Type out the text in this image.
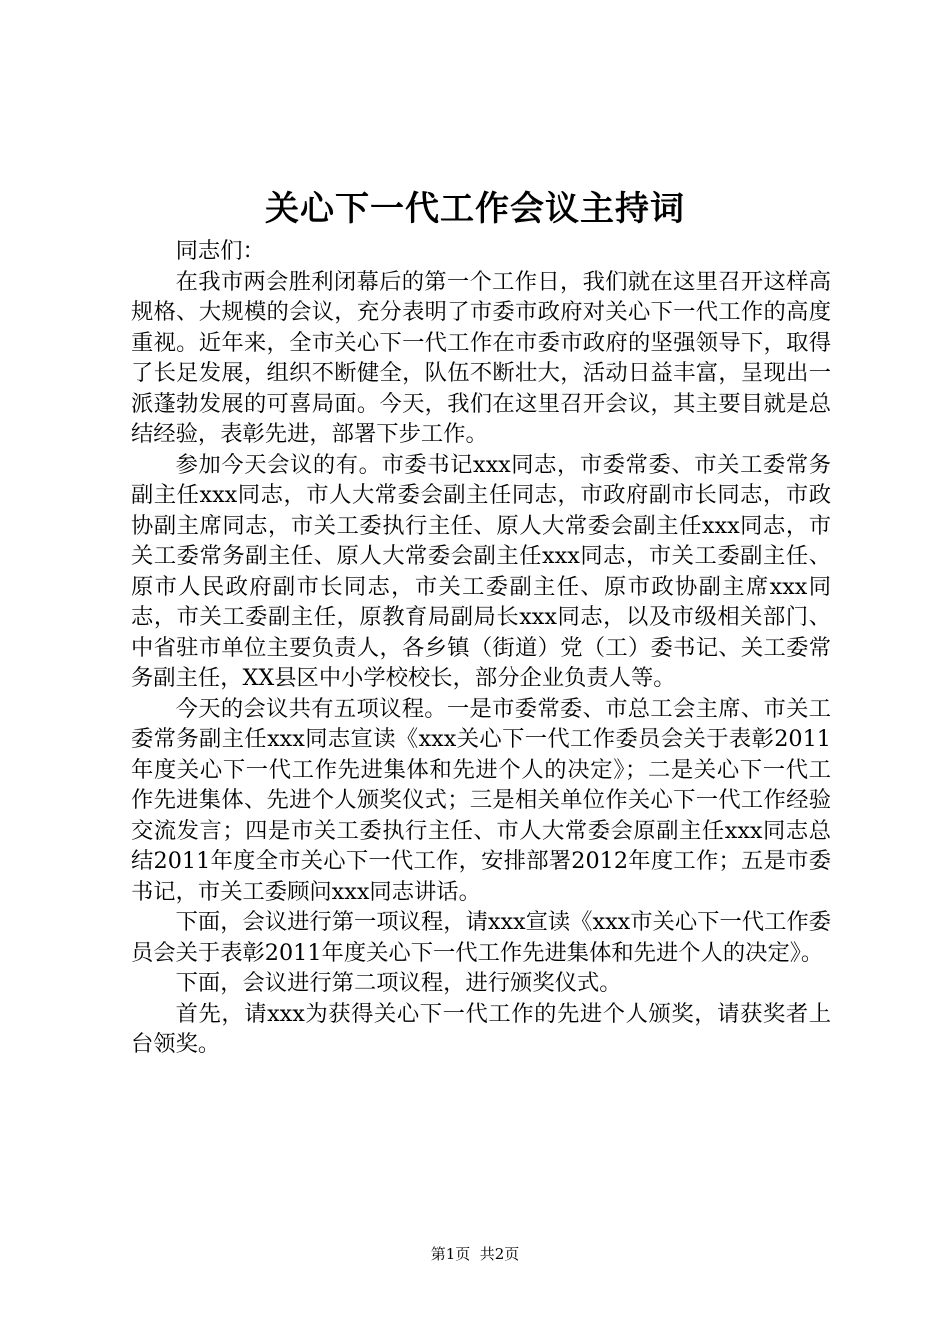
关心下一代工作会议主持词

同志们：

在我市两会胜利闭幕后的第一个工作日，我们就在这里召开这样高规格、大规模的会议，充分表明了市委市政府对关心下一代工作的高度重视。近年来，全市关心下一代工作在市委市政府的坚强领导下，取得了长足发展，组织不断健全，队伍不断壮大，活动日益丰富，呈现出一派蓬勃发展的可喜局面。今天，我们在这里召开会议，其主要目就是总结经验，表彰先进，部署下步工作。

参加今天会议的有。市委书记xxx同志，市委常委、市关工委常务副主任xxx同志，市人大常委会副主任同志，市政府副市长同志，市政协副主席同志，市关工委执行主任、原人大常委会副主任xxx同志，市关工委常务副主任、原人大常委会副主任xxx同志，市关工委副主任、原市人民政府副市长同志，市关工委副主任、原市政协副主席xxx同志，市关工委副主任，原教育局副局长xxx同志，以及市级相关部门、中省驻市单位主要负责人，各乡镇（街道）党（工）委书记、关工委常务副主任，XX县区中小学校校长，部分企业负责人等。

今天的会议共有五项议程。一是市委常委、市总工会主席、市关工委常务副主任xxx同志宣读《xxx关心下一代工作委员会关于表彰2011年度关心下一代工作先进集体和先进个人的决定》；二是关心下一代工作先进集体、先进个人颁奖仪式；三是相关单位作关心下一代工作经验交流发言；四是市关工委执行主任、市人大常委会原副主任xxx同志总结2011年度全市关心下一代工作，安排部署2012年度工作；五是市委书记，市关工委顾问xxx同志讲话。

下面，会议进行第一项议程，请xxx宣读《xxx市关心下一代工作委员会关于表彰2011年度关心下一代工作先进集体和先进个人的决定》。

下面，会议进行第二项议程，进行颁奖仪式。

首先，请xxx为获得关心下一代工作的先进个人颁奖，请获奖者上台领奖。

第1页  共2页
